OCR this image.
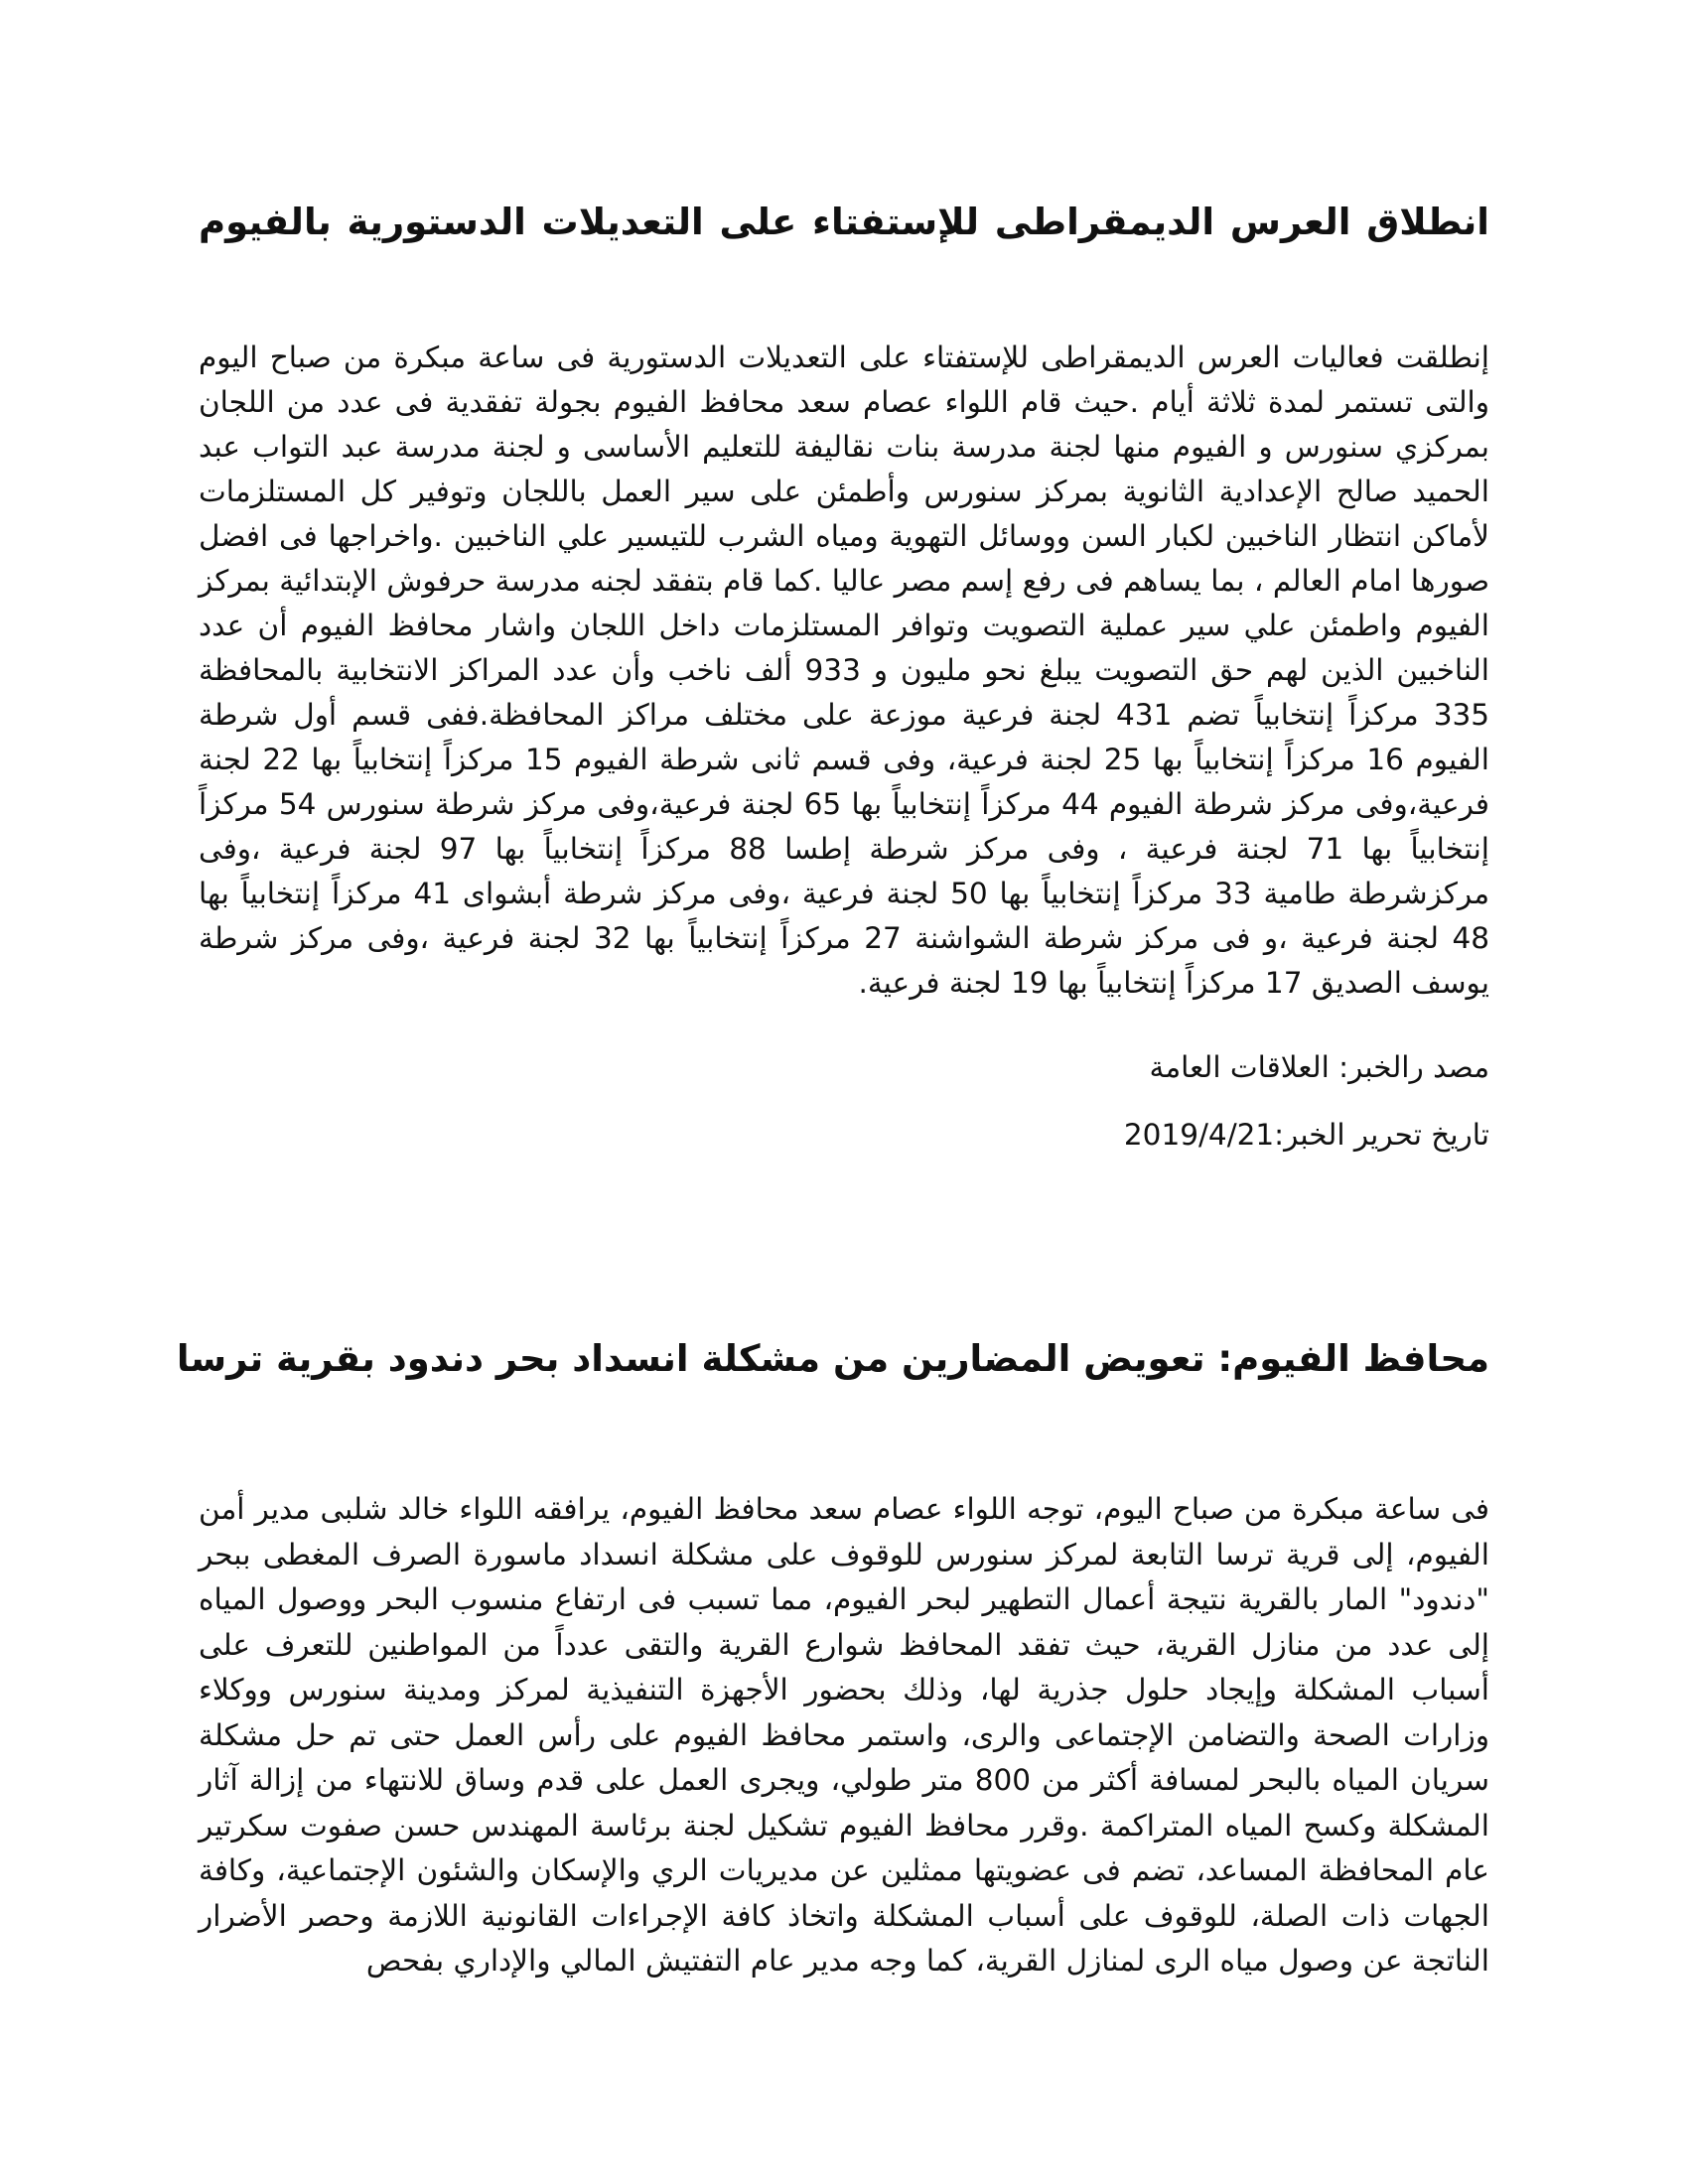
انطلاق العرس الديمقراطى للإستفتاء على التعديلات الدستورية بالفيوم

إنطلقت فعاليات العرس الديمقراطى للإستفتاء على التعديلات الدستورية فى ساعة مبكرة من صباح اليوم والتى تستمر لمدة ثلاثة أيام .حيث قام اللواء عصام سعد محافظ الفيوم بجولة تفقدية فى عدد من اللجان بمركزي سنورس و الفيوم منها لجنة مدرسة بنات نقاليفة للتعليم الأساسى و لجنة مدرسة عبد التواب عبد الحميد صالح الإعدادية الثانوية بمركز سنورس وأطمئن على سير العمل باللجان وتوفير كل المستلزمات لأماكن انتظار الناخبين لكبار السن ووسائل التهوية ومياه الشرب للتيسير علي الناخبين .واخراجها فى افضل صورها امام العالم ، بما يساهم فى رفع إسم مصر عاليا .كما قام بتفقد لجنه مدرسة حرفوش الإبتدائية بمركز الفيوم واطمئن علي سير عملية التصويت وتوافر المستلزمات داخل اللجان واشار محافظ الفيوم أن عدد الناخبين الذين لهم حق التصويت يبلغ نحو مليون و 933 ألف ناخب وأن عدد المراكز الانتخابية بالمحافظة 335 مركزاً إنتخابياً تضم 431 لجنة فرعية موزعة على مختلف مراكز المحافظة.ففى قسم أول شرطة الفيوم 16 مركزاً إنتخابياً بها 25 لجنة فرعية، وفى قسم ثانى شرطة الفيوم 15 مركزاً إنتخابياً بها 22 لجنة فرعية،وفى مركز شرطة الفيوم 44 مركزاً إنتخابياً بها 65 لجنة فرعية،وفى مركز شرطة سنورس 54 مركزاً إنتخابياً بها 71 لجنة فرعية ، وفى مركز شرطة إطسا 88 مركزاً إنتخابياً بها 97 لجنة فرعية ،وفى مركزشرطة طامية 33 مركزاً إنتخابياً بها 50 لجنة فرعية ،وفى مركز شرطة أبشواى 41 مركزاً إنتخابياً بها 48 لجنة فرعية ،و فى مركز شرطة الشواشنة 27 مركزاً إنتخابياً بها 32 لجنة فرعية ،وفى مركز شرطة يوسف الصديق 17 مركزاً إنتخابياً بها 19 لجنة فرعية.

مصد رالخبر: العلاقات العامة

تاريخ تحرير الخبر:2019/4/21

محافظ الفيوم: تعويض المضارين من مشكلة انسداد بحر دندود بقرية ترسا

فى ساعة مبكرة من صباح اليوم، توجه اللواء عصام سعد محافظ الفيوم، يرافقه اللواء خالد شلبى مدير أمن الفيوم، إلى قرية ترسا التابعة لمركز سنورس للوقوف على مشكلة انسداد ماسورة الصرف المغطى ببحر "دندود" المار بالقرية نتيجة أعمال التطهير لبحر الفيوم، مما تسبب فى ارتفاع منسوب البحر ووصول المياه إلى عدد من منازل القرية، حيث تفقد المحافظ شوارع القرية والتقى عدداً من المواطنين للتعرف على أسباب المشكلة وإيجاد حلول جذرية لها، وذلك بحضور الأجهزة التنفيذية لمركز ومدينة سنورس ووكلاء وزارات الصحة والتضامن الإجتماعى والرى، واستمر محافظ الفيوم على رأس العمل حتى تم حل مشكلة سريان المياه بالبحر لمسافة أكثر من 800 متر طولي، ويجرى العمل على قدم وساق للانتهاء من إزالة آثار المشكلة وكسح المياه المتراكمة .وقرر محافظ الفيوم تشكيل لجنة برئاسة المهندس حسن صفوت سكرتير عام المحافظة المساعد، تضم فى عضويتها ممثلين عن مديريات الري والإسكان والشئون الإجتماعية، وكافة الجهات ذات الصلة، للوقوف على أسباب المشكلة واتخاذ كافة الإجراءات القانونية اللازمة وحصر الأضرار الناتجة عن وصول مياه الرى لمنازل القرية، كما وجه مدير عام التفتيش المالي والإداري بفحص
